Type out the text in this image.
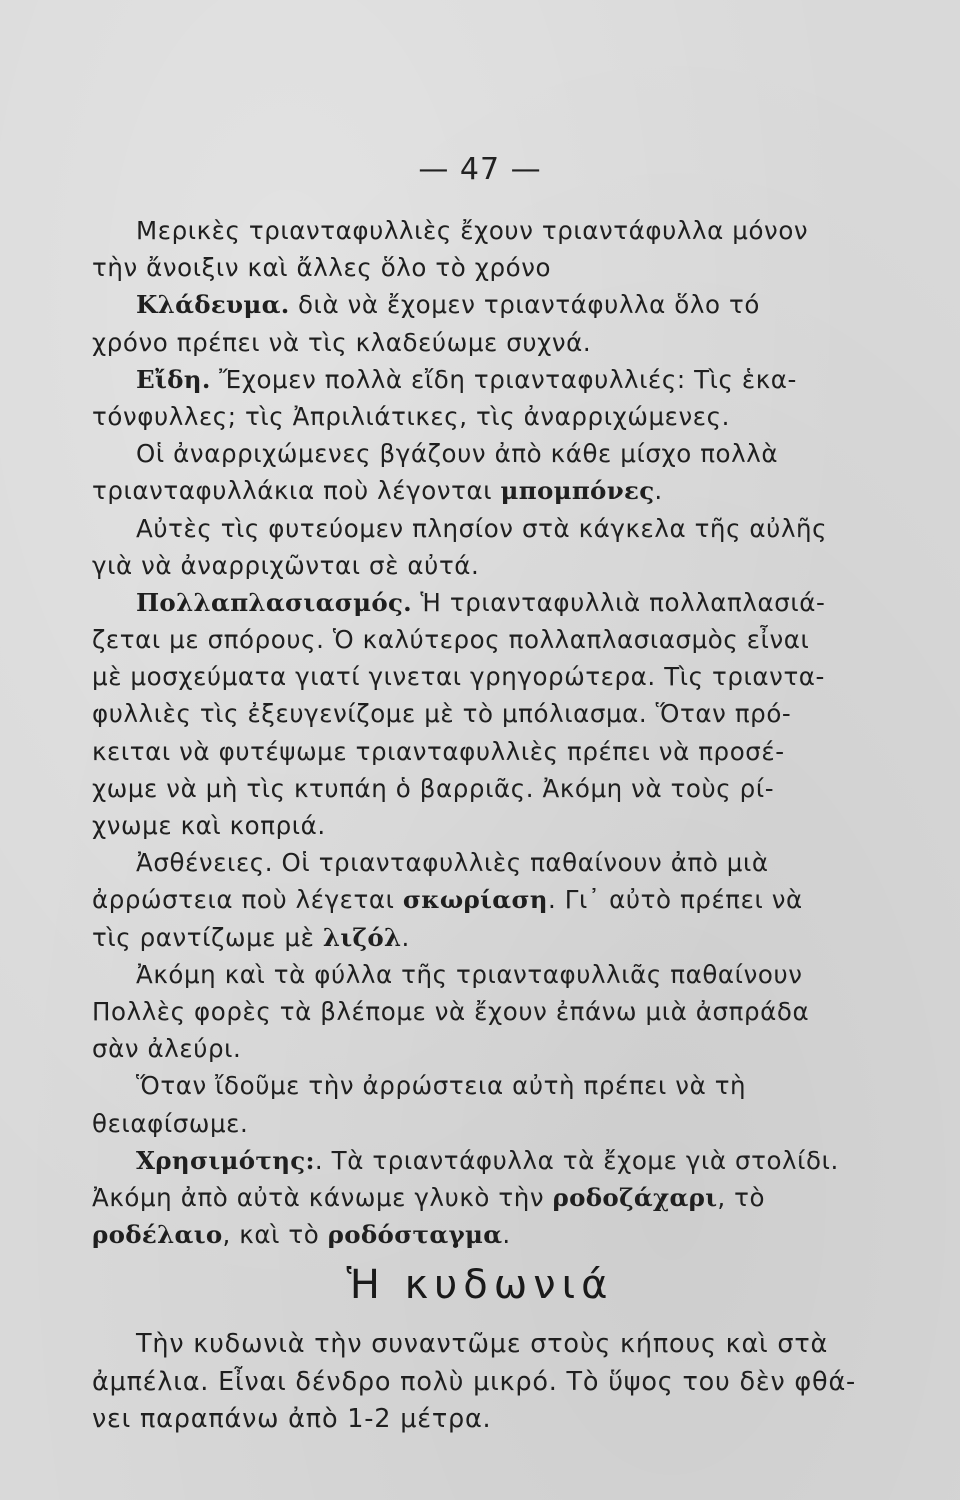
— 47 —
Μερικὲς τριανταφυλλιὲς ἔχουν τριαντάφυλλα μόνον
τὴν ἄνοιξιν καὶ ἄλλες ὅλο τὸ χρόνο
Κλάδευμα. διὰ νὰ ἔχομεν τριαντάφυλλα ὅλο τό
χρόνο πρέπει νὰ τὶς κλαδεύωμε συχνά.
Εἴδη. Ἔχομεν πολλὰ εἴδη τριανταφυλλιές: Τὶς ἑκα-
τόνφυλλες; τὶς Ἀπριλιάτικες, τὶς ἀναρριχώμενες.
Οἱ ἀναρριχώμενες βγάζουν ἀπὸ κάθε μίσχο πολλὰ
τριανταφυλλάκια ποὺ λέγονται μπομπόνες.
Αὐτὲς τὶς φυτεύομεν πλησίον στὰ κάγκελα τῆς αὐλῆς
γιὰ νὰ ἀναρριχῶνται σὲ αὐτά.
Πολλαπλασιασμός. Ἡ τριανταφυλλιὰ πολλαπλασιά-
ζεται με σπόρους. Ὁ καλύτερος πολλαπλασιασμὸς εἶναι
μὲ μοσχεύματα γιατί γινεται γρηγορώτερα. Τὶς τριαντα-
φυλλιὲς τὶς ἐξευγενίζομε μὲ τὸ μπόλιασμα. Ὅταν πρό-
κειται νὰ φυτέψωμε τριανταφυλλιὲς πρέπει νὰ προσέ-
χωμε νὰ μὴ τὶς κτυπάη ὁ βαρριᾶς. Ἀκόμη νὰ τοὺς ρί-
χνωμε καὶ κοπριά.
Ἀσθένειες. Οἱ τριανταφυλλιὲς παθαίνουν ἀπὸ μιὰ
ἀρρώστεια ποὺ λέγεται σκωρίαση. Γι᾽ αὐτὸ πρέπει νὰ
τὶς ραντίζωμε μὲ λιζόλ.
Ἀκόμη καὶ τὰ φύλλα τῆς τριανταφυλλιᾶς παθαίνουν
Πολλὲς φορὲς τὰ βλέπομε νὰ ἔχουν ἐπάνω μιὰ ἀσπράδα
σὰν ἀλεύρι.
Ὅταν ἴδοῦμε τὴν ἀρρώστεια αὐτὴ πρέπει νὰ τὴ
θειαφίσωμε.
Χρησιμότης:. Τὰ τριαντάφυλλα τὰ ἔχομε γιὰ στολίδι.
Ἀκόμη ἀπὸ αὐτὰ κάνωμε γλυκὸ τὴν ροδοζάχαρι, τὸ
ροδέλαιο, καὶ τὸ ροδόσταγμα.
Ἡ κυδωνιά
Τὴν κυδωνιὰ τὴν συναντῶμε στοὺς κήπους καὶ στὰ
ἀμπέλια. Εἶναι δένδρο πολὺ μικρό. Τὸ ὕψος του δὲν φθά-
νει παραπάνω ἀπὸ 1-2 μέτρα.
